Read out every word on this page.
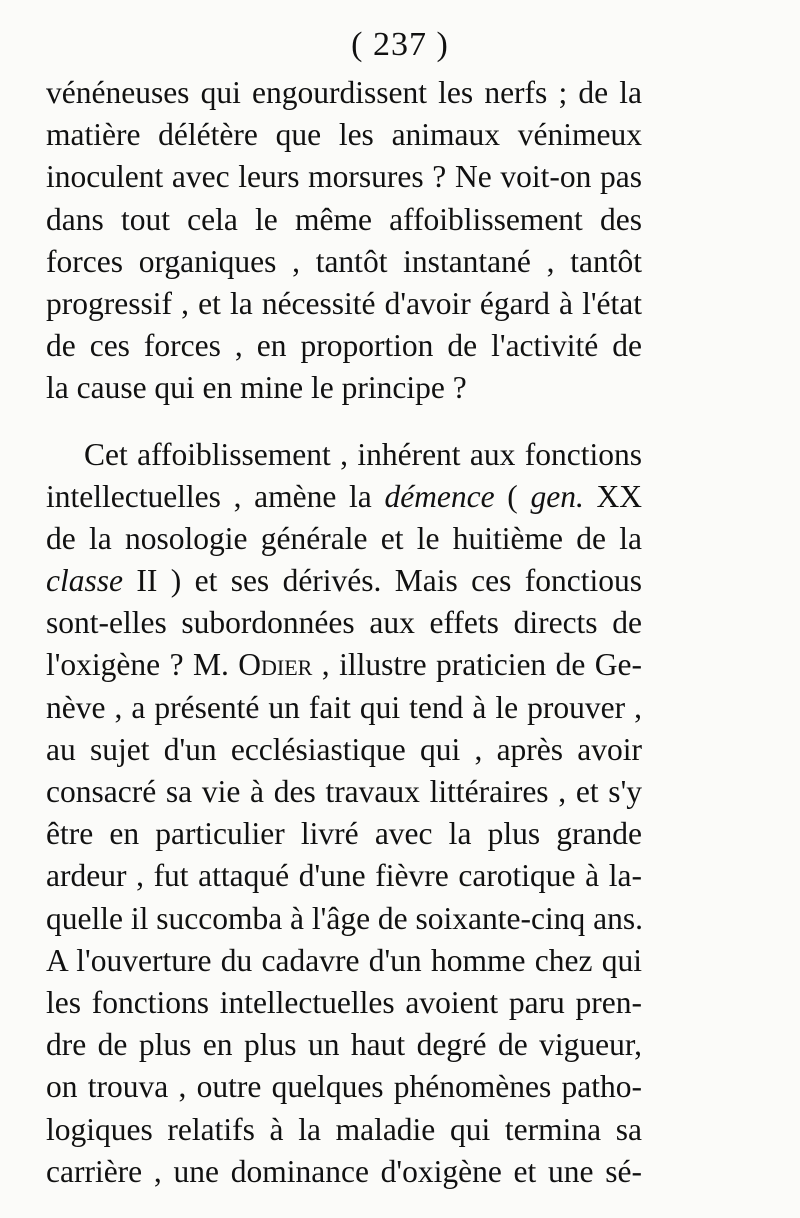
( 237 )
vénéneuses qui engourdissent les nerfs ; de la
matière délétère que les animaux vénimeux
inoculent avec leurs morsures ? Ne voit-on pas
dans tout cela le même affoiblissement des
forces organiques , tantôt instantané , tantôt
progressif , et la nécessité d'avoir égard à l'état
de ces forces , en proportion de l'activité de
la cause qui en mine le principe ?
Cet affoiblissement , inhérent aux fonctions
intellectuelles , amène la démence ( gen. XX
de la nosologie générale et le huitième de la
classe II ) et ses dérivés. Mais ces fonctious
sont-elles subordonnées aux effets directs de
l'oxigène ? M. Odier , illustre praticien de Ge-
nève , a présenté un fait qui tend à le prouver ,
au sujet d'un ecclésiastique qui , après avoir
consacré sa vie à des travaux littéraires , et s'y
être en particulier livré avec la plus grande
ardeur , fut attaqué d'une fièvre carotique à la-
quelle il succomba à l'âge de soixante-cinq ans.
A l'ouverture du cadavre d'un homme chez qui
les fonctions intellectuelles avoient paru pren-
dre de plus en plus un haut degré de vigueur,
on trouva , outre quelques phénomènes patho-
logiques relatifs à la maladie qui termina sa
carrière , une dominance d'oxigène et une sé-
